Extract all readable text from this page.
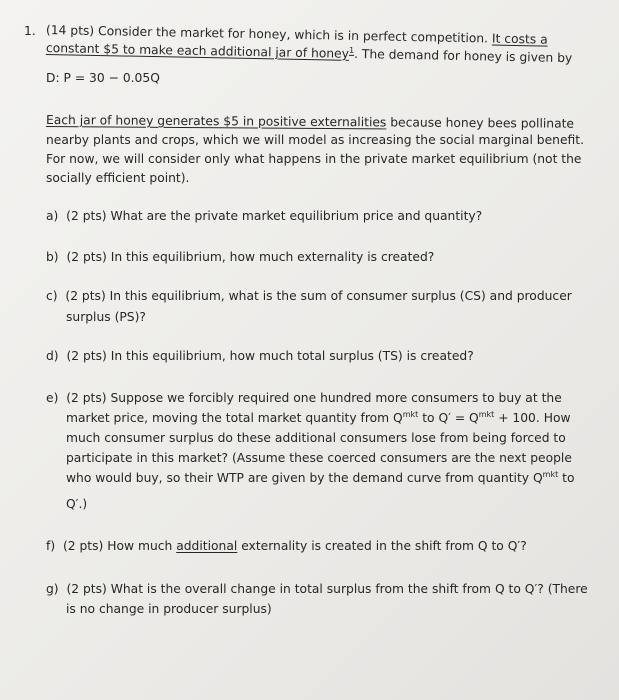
1. (14 pts) Consider the market for honey, which is in perfect competition. It costs a
constant $5 to make each additional jar of honey$^1$. The demand for honey is given by
D: P = 30 − 0.05Q
Each jar of honey generates $5 in positive externalities because honey bees pollinate
nearby plants and crops, which we will model as increasing the social marginal benefit.
For now, we will consider only what happens in the private market equilibrium (not the
socially efficient point).
a) (2 pts) What are the private market equilibrium price and quantity?
b) (2 pts) In this equilibrium, how much externality is created?
c) (2 pts) In this equilibrium, what is the sum of consumer surplus (CS) and producer
surplus (PS)?
d) (2 pts) In this equilibrium, how much total surplus (TS) is created?
e) (2 pts) Suppose we forcibly required one hundred more consumers to buy at the
market price, moving the total market quantity from $Q^{mkt}$ to $Q' = Q^{mkt} + 100$. How
much consumer surplus do these additional consumers lose from being forced to
participate in this market? (Assume these coerced consumers are the next people
who would buy, so their WTP are given by the demand curve from quantity $Q^{mkt}$ to
Q′.)
f) (2 pts) How much additional externality is created in the shift from Q to Q′?
g) (2 pts) What is the overall change in total surplus from the shift from Q to Q′? (There
is no change in producer surplus)
